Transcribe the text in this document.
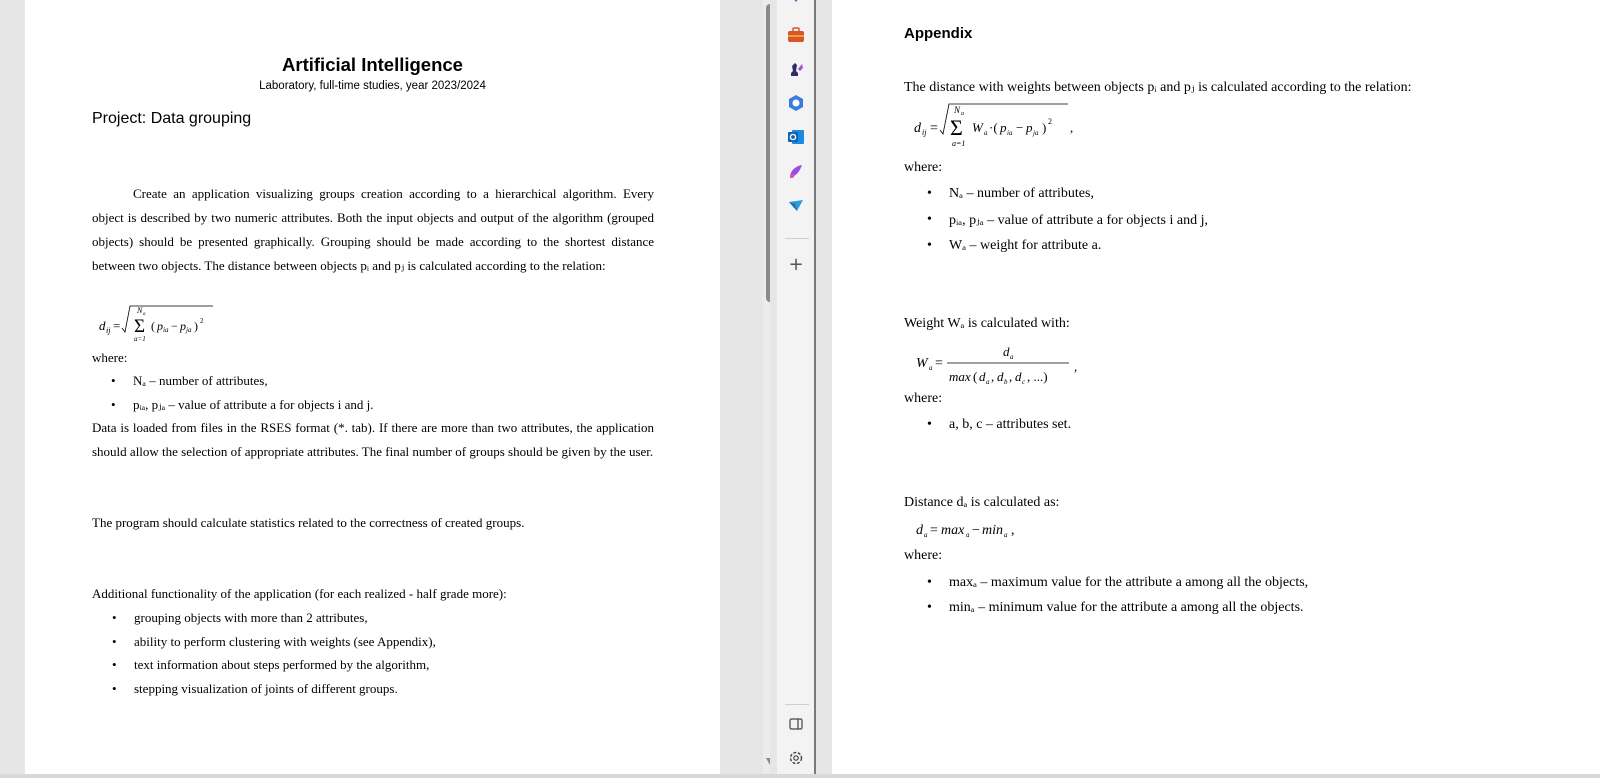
Artificial Intelligence
Laboratory, full-time studies, year 2023/2024
Project: Data grouping

Create an application visualizing groups creation according to a hierarchical algorithm. Every object is described by two numeric attributes. Both the input objects and output of the algorithm (grouped objects) should be presented graphically. Grouping should be made according to the shortest distance between two objects. The distance between objects pᵢ and pⱼ is calculated according to the relation:

d ij =
N a
Σ
a=1
( p ia − p ja ) 2
where:
• Nₐ – number of attributes,
• pᵢₐ, pⱼₐ – value of attribute a for objects i and j.

Data is loaded from files in the RSES format (*. tab). If there are more than two attributes, the application should allow the selection of appropriate attributes. The final number of groups should be given by the user.

The program should calculate statistics related to the correctness of created groups.
Additional functionality of the application (for each realized - half grade more):
• grouping objects with more than 2 attributes,
• ability to perform clustering with weights (see Appendix),
• text information about steps performed by the algorithm,
• stepping visualization of joints of different groups.
+
Appendix
The distance with weights between objects pᵢ and pⱼ is calculated according to the relation:
d ij =
N a
Σ
a=1
W a ·( p ia − p ja ) 2 ,
where:
• Nₐ – number of attributes,
• pᵢₐ, pⱼₐ – value of attribute a for objects i and j,
• Wₐ – weight for attribute a.
Weight Wₐ is calculated with:
W a =
d a
max ( d a , d b , d c , ...)
,
where:
• a, b, c – attributes set.
Distance dₐ is calculated as:
d a = max a − min a ,
where:
• maxₐ – maximum value for the attribute a among all the objects,
• minₐ – minimum value for the attribute a among all the objects.
